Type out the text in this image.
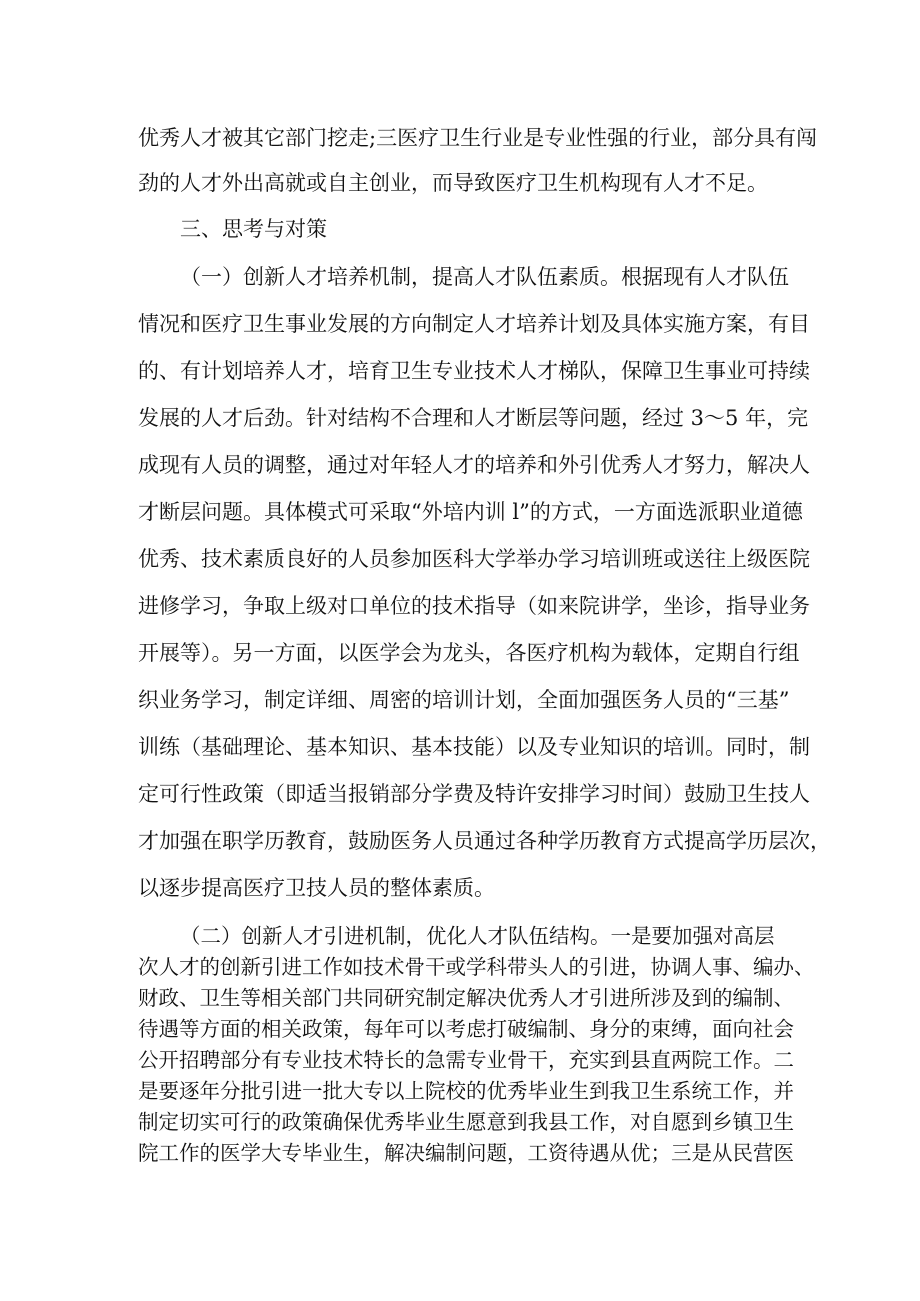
优秀人才被其它部门挖走;三医疗卫生行业是专业性强的行业，部分具有闯
劲的人才外出高就或自主创业，而导致医疗卫生机构现有人才不足。
三、思考与对策
（一）创新人才培养机制，提高人才队伍素质。根据现有人才队伍
情况和医疗卫生事业发展的方向制定人才培养计划及具体实施方案，有目
的、有计划培养人才，培育卫生专业技术人才梯队，保障卫生事业可持续
发展的人才后劲。针对结构不合理和人才断层等问题，经过 3～5 年，完
成现有人员的调整，通过对年轻人才的培养和外引优秀人才努力，解决人
才断层问题。具体模式可采取“外培内训 l”的方式，一方面选派职业道德
优秀、技术素质良好的人员参加医科大学举办学习培训班或送往上级医院
进修学习，争取上级对口单位的技术指导（如来院讲学，坐诊，指导业务
开展等）。另一方面，以医学会为龙头，各医疗机构为载体，定期自行组
织业务学习，制定详细、周密的培训计划，全面加强医务人员的“三基”
训练（基础理论、基本知识、基本技能）以及专业知识的培训。同时，制
定可行性政策（即适当报销部分学费及特许安排学习时间）鼓励卫生技人
才加强在职学历教育，鼓励医务人员通过各种学历教育方式提高学历层次，
以逐步提高医疗卫技人员的整体素质。
（二）创新人才引进机制，优化人才队伍结构。一是要加强对高层
次人才的创新引进工作如技术骨干或学科带头人的引进，协调人事、编办、
财政、卫生等相关部门共同研究制定解决优秀人才引进所涉及到的编制、
待遇等方面的相关政策，每年可以考虑打破编制、身分的束缚，面向社会
公开招聘部分有专业技术特长的急需专业骨干，充实到县直两院工作。二
是要逐年分批引进一批大专以上院校的优秀毕业生到我卫生系统工作，并
制定切实可行的政策确保优秀毕业生愿意到我县工作，对自愿到乡镇卫生
院工作的医学大专毕业生，解决编制问题，工资待遇从优；三是从民营医
